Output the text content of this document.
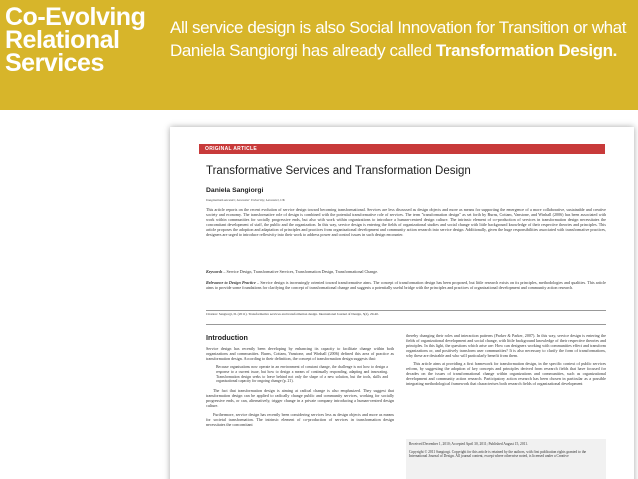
Co-Evolving
Relational
Services
All service design is also Social Innovation for Transition or what Daniela Sangiorgi has already called Transformation Design.
ORIGINAL ARTICLE
Transformative Services and Transformation Design
Daniela Sangiorgi
ImaginationLancaster, Lancaster University, Lancaster, UK
This article reports on the recent evolution of service design toward becoming transformational. Services are less discussed as design objects and more as means for supporting the emergence of a more collaborative, sustainable and creative society and economy. The transformative role of design is combined with the potential transformative role of services. The term "transformation design" as set forth by Burns, Cottam, Vanstone, and Winhall (2006) has been associated with work within communities for socially progressive ends, but also with work within organizations to introduce a human-centred design culture. The intrinsic element of co-production of services in transformation design necessitates the concomitant development of staff, the public and the organization. In this way, service design is entering the fields of organizational studies and social change with little background knowledge of their respective theories and principles. This article proposes the adoption and adaptation of principles and practices from organizational development and community action research into service design. Additionally, given the huge responsibilities associated with transformative practices, designers are urged to introduce reflexivity into their work to address power and control issues in such design encounter.
Keywords – Service Design, Transformative Services, Transformation Design, Transformational Change.
Relevance to Design Practice – Service design is increasingly oriented toward transformative aims. The concept of transformation design has been proposed, but little research exists on its principles, methodologies and qualities. This article aims to provide some foundations for clarifying the concept of transformational change and suggests a potentially useful bridge with the principles and practices of organizational development and community action research.
Citation: Sangiorgi, D. (2011). Transformative services and transformation design. International Journal of Design, 5(2), 29-40.
Introduction

Service design has recently been developing by enhancing its capacity to facilitate change within both organizations and communities. Burns, Cottam, Vanstone, and Winhall (2006) defined this area of practice as transformation design. According to their definition, the concept of transformation design suggests that:

Because organisations now operate in an environment of constant change, the challenge is not how to design a response to a current issue, but how to design a means of continually responding, adapting and innovating. Transformation design seeks to leave behind not only the shape of a new solution, but the tools, skills and organisational capacity for ongoing change (p. 21).

The fact that transformation design is aiming at radical change is also emphasized. They suggest that transformation design can be applied to radically change public and community services, working for socially progressive ends, or can, alternatively, trigger change in a private company introducing a human-centred design culture.

Furthermore, service design has recently been considering services less as design objects and more as means for societal transformation. The intrinsic element of co-production of services in transformation design necessitates the concomitant

thereby changing their roles and interaction patterns (Parker & Parker, 2007). In this way, service design is entering the fields of organizational development and social change, with little background knowledge of their respective theories and principles. In this light, the questions which arise are: How can designers working with communities effect and transform organizations or, and positively transform user communities? It is also necessary to clarify the form of transformations, why these are desirable and who will particularly benefit from them.

This article aims at providing a first framework for transformation design, in the specific context of public services reform, by suggesting the adoption of key concepts and principles derived from research fields that have focused for decades on the issues of transformational change within organizations and communities, such as organizational development and community action research. Participatory action research has been chosen in particular as a possible integrating methodological framework that characterises both research fields of organizational development

Received December 1, 2010; Accepted April 30, 2011; Published August 15, 2011.

Copyright © 2011 Sangiorgi. Copyright for this article is retained by the authors, with first publication rights granted to the International Journal of Design. All journal content, except where otherwise noted, is licensed under a Creative
